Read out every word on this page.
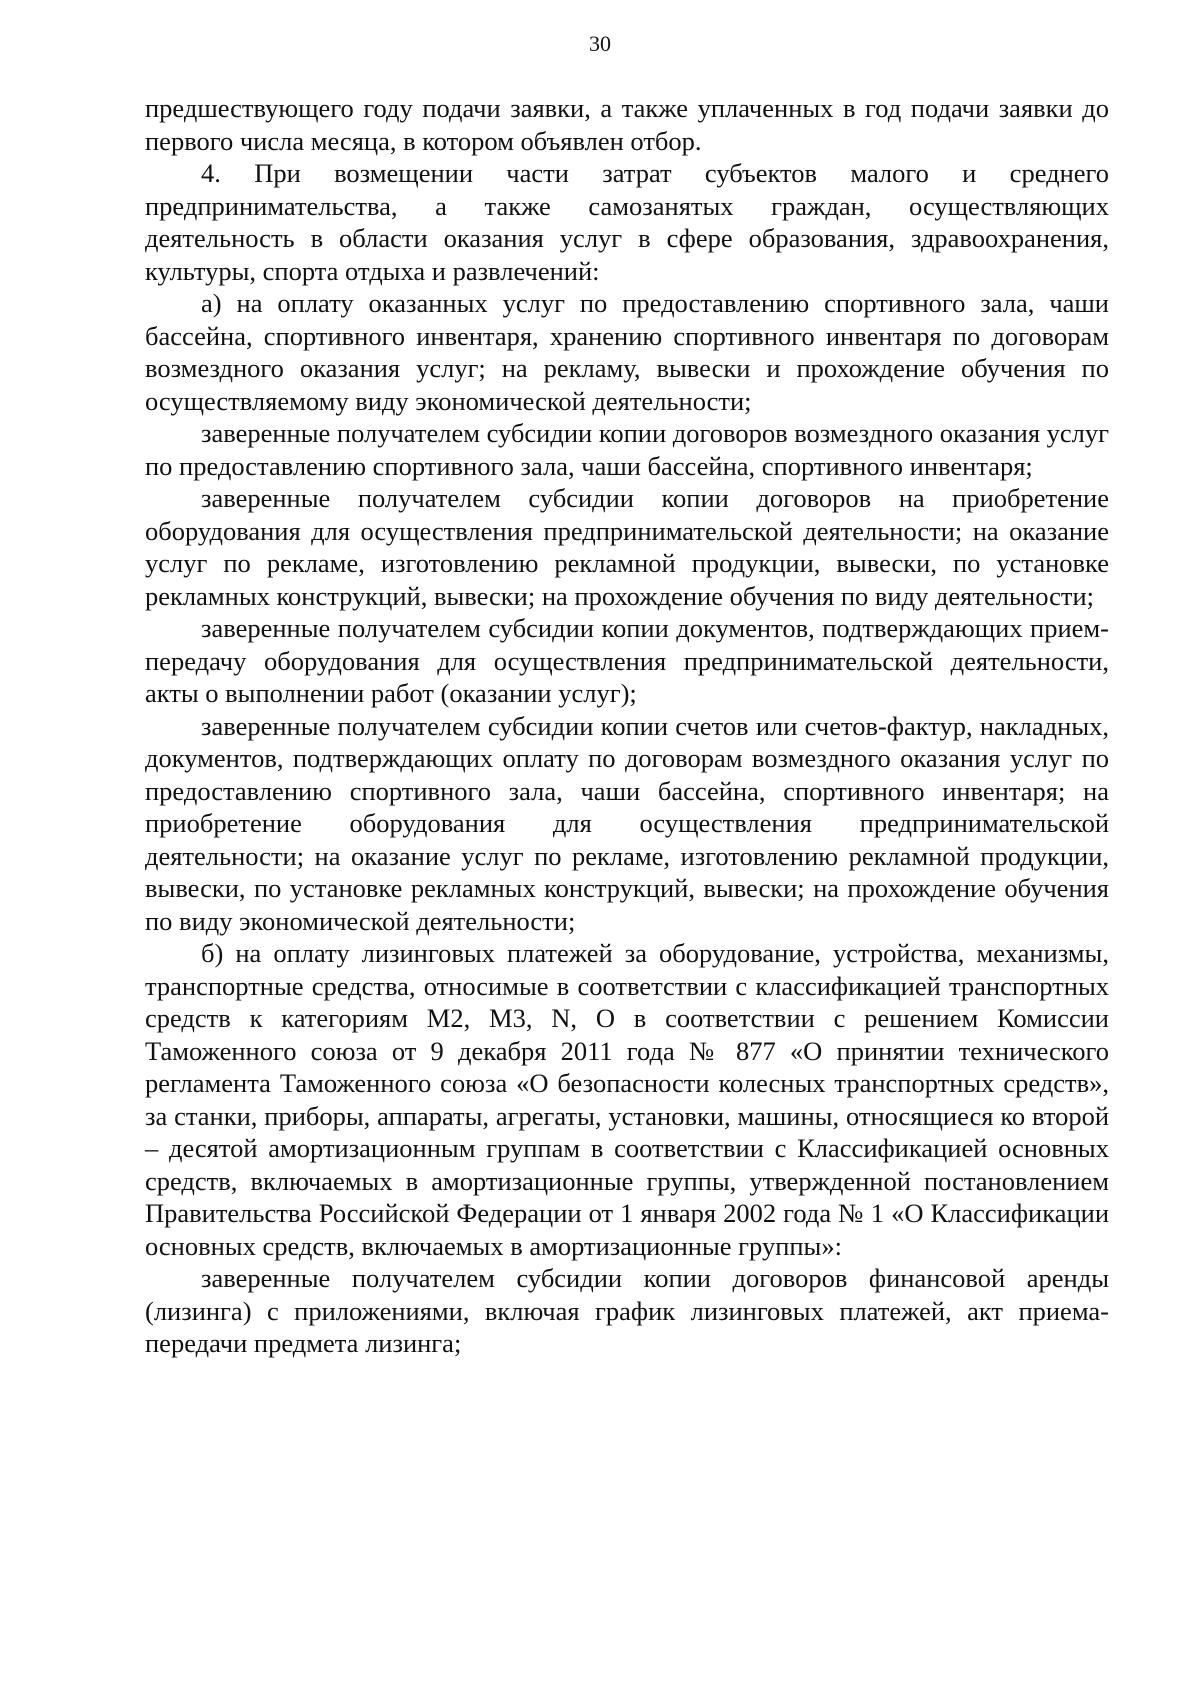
30

предшествующего году подачи заявки, а также уплаченных в год подачи заявки до первого числа месяца, в котором объявлен отбор.

4. При возмещении части затрат субъектов малого и среднего предпринимательства, а также самозанятых граждан, осуществляющих деятельность в области оказания услуг в сфере образования, здравоохранения, культуры, спорта отдыха и развлечений:

а) на оплату оказанных услуг по предоставлению спортивного зала, чаши бассейна, спортивного инвентаря, хранению спортивного инвентаря по договорам возмездного оказания услуг; на рекламу, вывески и прохождение обучения по осуществляемому виду экономической деятельности;

заверенные получателем субсидии копии договоров возмездного оказания услуг по предоставлению спортивного зала, чаши бассейна, спортивного инвентаря;

заверенные получателем субсидии копии договоров на приобретение оборудования для осуществления предпринимательской деятельности; на оказание услуг по рекламе, изготовлению рекламной продукции, вывески, по установке рекламных конструкций, вывески; на прохождение обучения по виду деятельности;

заверенные получателем субсидии копии документов, подтверждающих прием-передачу оборудования для осуществления предпринимательской деятельности, акты о выполнении работ (оказании услуг);

заверенные получателем субсидии копии счетов или счетов-фактур, накладных, документов, подтверждающих оплату по договорам возмездного оказания услуг по предоставлению спортивного зала, чаши бассейна, спортивного инвентаря; на приобретение оборудования для осуществления предпринимательской деятельности; на оказание услуг по рекламе, изготовлению рекламной продукции, вывески, по установке рекламных конструкций, вывески; на прохождение обучения по виду экономической деятельности;

б) на оплату лизинговых платежей за оборудование, устройства, механизмы, транспортные средства, относимые в соответствии с классификацией транспортных средств к категориям M2, M3, N, O в соответствии с решением Комиссии Таможенного союза от 9 декабря 2011 года № 877 «О принятии технического регламента Таможенного союза «О безопасности колесных транспортных средств», за станки, приборы, аппараты, агрегаты, установки, машины, относящиеся ко второй – десятой амортизационным группам в соответствии с Классификацией основных средств, включаемых в амортизационные группы, утвержденной постановлением Правительства Российской Федерации от 1 января 2002 года № 1 «О Классификации основных средств, включаемых в амортизационные группы»:

заверенные получателем субсидии копии договоров финансовой аренды (лизинга) с приложениями, включая график лизинговых платежей, акт приема-передачи предмета лизинга;
